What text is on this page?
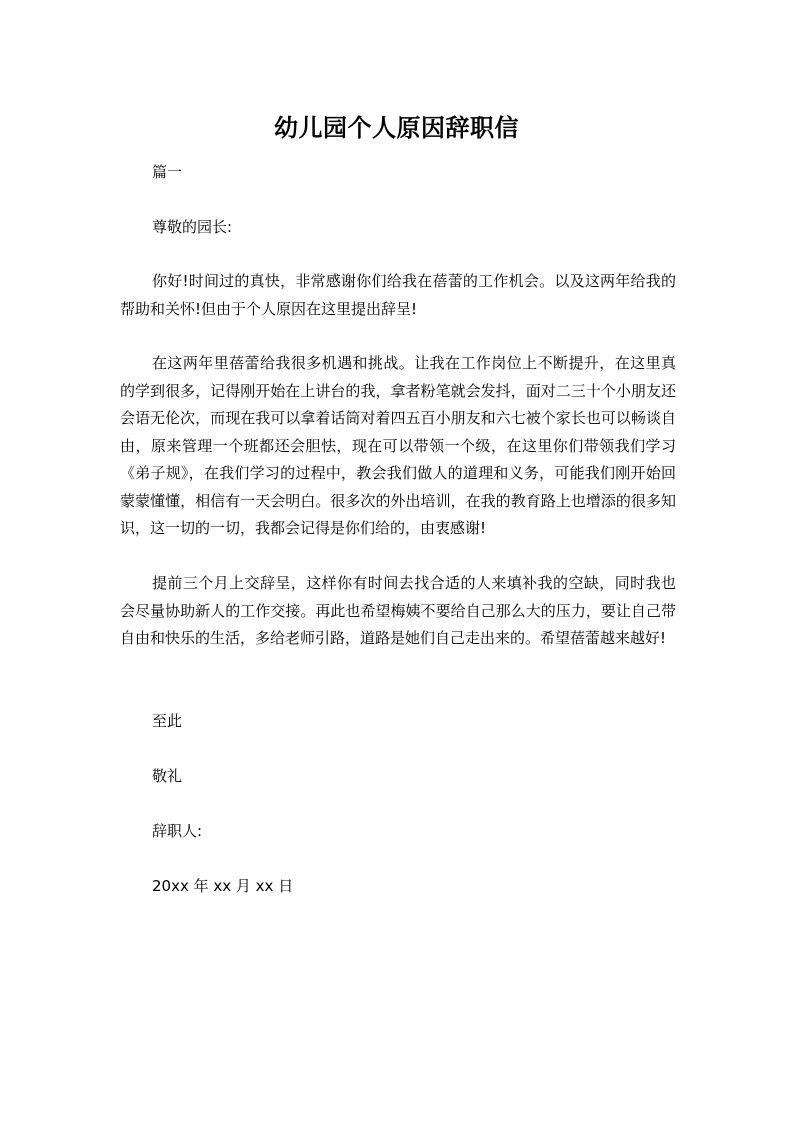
幼儿园个人原因辞职信
篇一
尊敬的园长:
你好!时间过的真快，非常感谢你们给我在蓓蕾的工作机会。以及这两年给我的帮助和关怀!但由于个人原因在这里提出辞呈!
在这两年里蓓蕾给我很多机遇和挑战。让我在工作岗位上不断提升，在这里真的学到很多，记得刚开始在上讲台的我，拿者粉笔就会发抖，面对二三十个小朋友还会语无伦次，而现在我可以拿着话筒对着四五百小朋友和六七被个家长也可以畅谈自由，原来管理一个班都还会胆怯，现在可以带领一个级，在这里你们带领我们学习《弟子规》，在我们学习的过程中，教会我们做人的道理和义务，可能我们刚开始回蒙蒙懂懂，相信有一天会明白。很多次的外出培训，在我的教育路上也增添的很多知识，这一切的一切，我都会记得是你们给的，由衷感谢!
提前三个月上交辞呈，这样你有时间去找合适的人来填补我的空缺，同时我也会尽量协助新人的工作交接。再此也希望梅姨不要给自己那么大的压力，要让自己带自由和快乐的生活，多给老师引路，道路是她们自己走出来的。希望蓓蕾越来越好!
至此
敬礼
辞职人:
20xx 年 xx 月 xx 日
